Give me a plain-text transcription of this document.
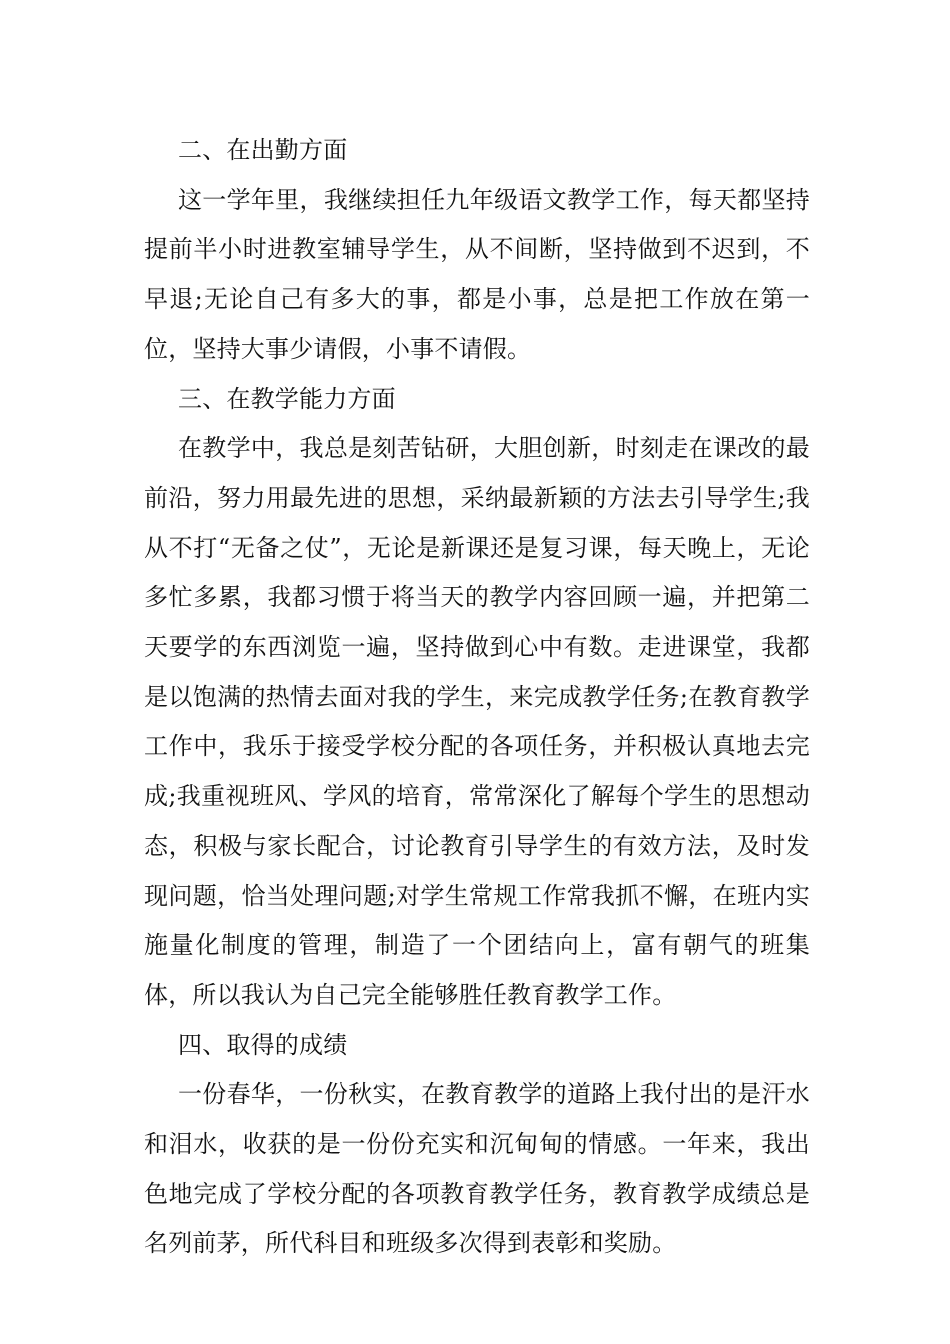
二、在出勤方面

这一学年里，我继续担任九年级语文教学工作，每天都坚持提前半小时进教室辅导学生，从不间断，坚持做到不迟到，不早退;无论自己有多大的事，都是小事，总是把工作放在第一位，坚持大事少请假，小事不请假。

三、在教学能力方面

在教学中，我总是刻苦钻研，大胆创新，时刻走在课改的最前沿，努力用最先进的思想，采纳最新颖的方法去引导学生;我从不打“无备之仗”，无论是新课还是复习课，每天晚上，无论多忙多累，我都习惯于将当天的教学内容回顾一遍，并把第二天要学的东西浏览一遍，坚持做到心中有数。走进课堂，我都是以饱满的热情去面对我的学生，来完成教学任务;在教育教学工作中，我乐于接受学校分配的各项任务，并积极认真地去完成;我重视班风、学风的培育，常常深化了解每个学生的思想动态，积极与家长配合，讨论教育引导学生的有效方法，及时发现问题，恰当处理问题;对学生常规工作常我抓不懈，在班内实施量化制度的管理，制造了一个团结向上，富有朝气的班集体，所以我认为自己完全能够胜任教育教学工作。

四、取得的成绩

一份春华，一份秋实，在教育教学的道路上我付出的是汗水和泪水，收获的是一份份充实和沉甸甸的情感。一年来，我出色地完成了学校分配的各项教育教学任务，教育教学成绩总是名列前茅，所代科目和班级多次得到表彰和奖励。
